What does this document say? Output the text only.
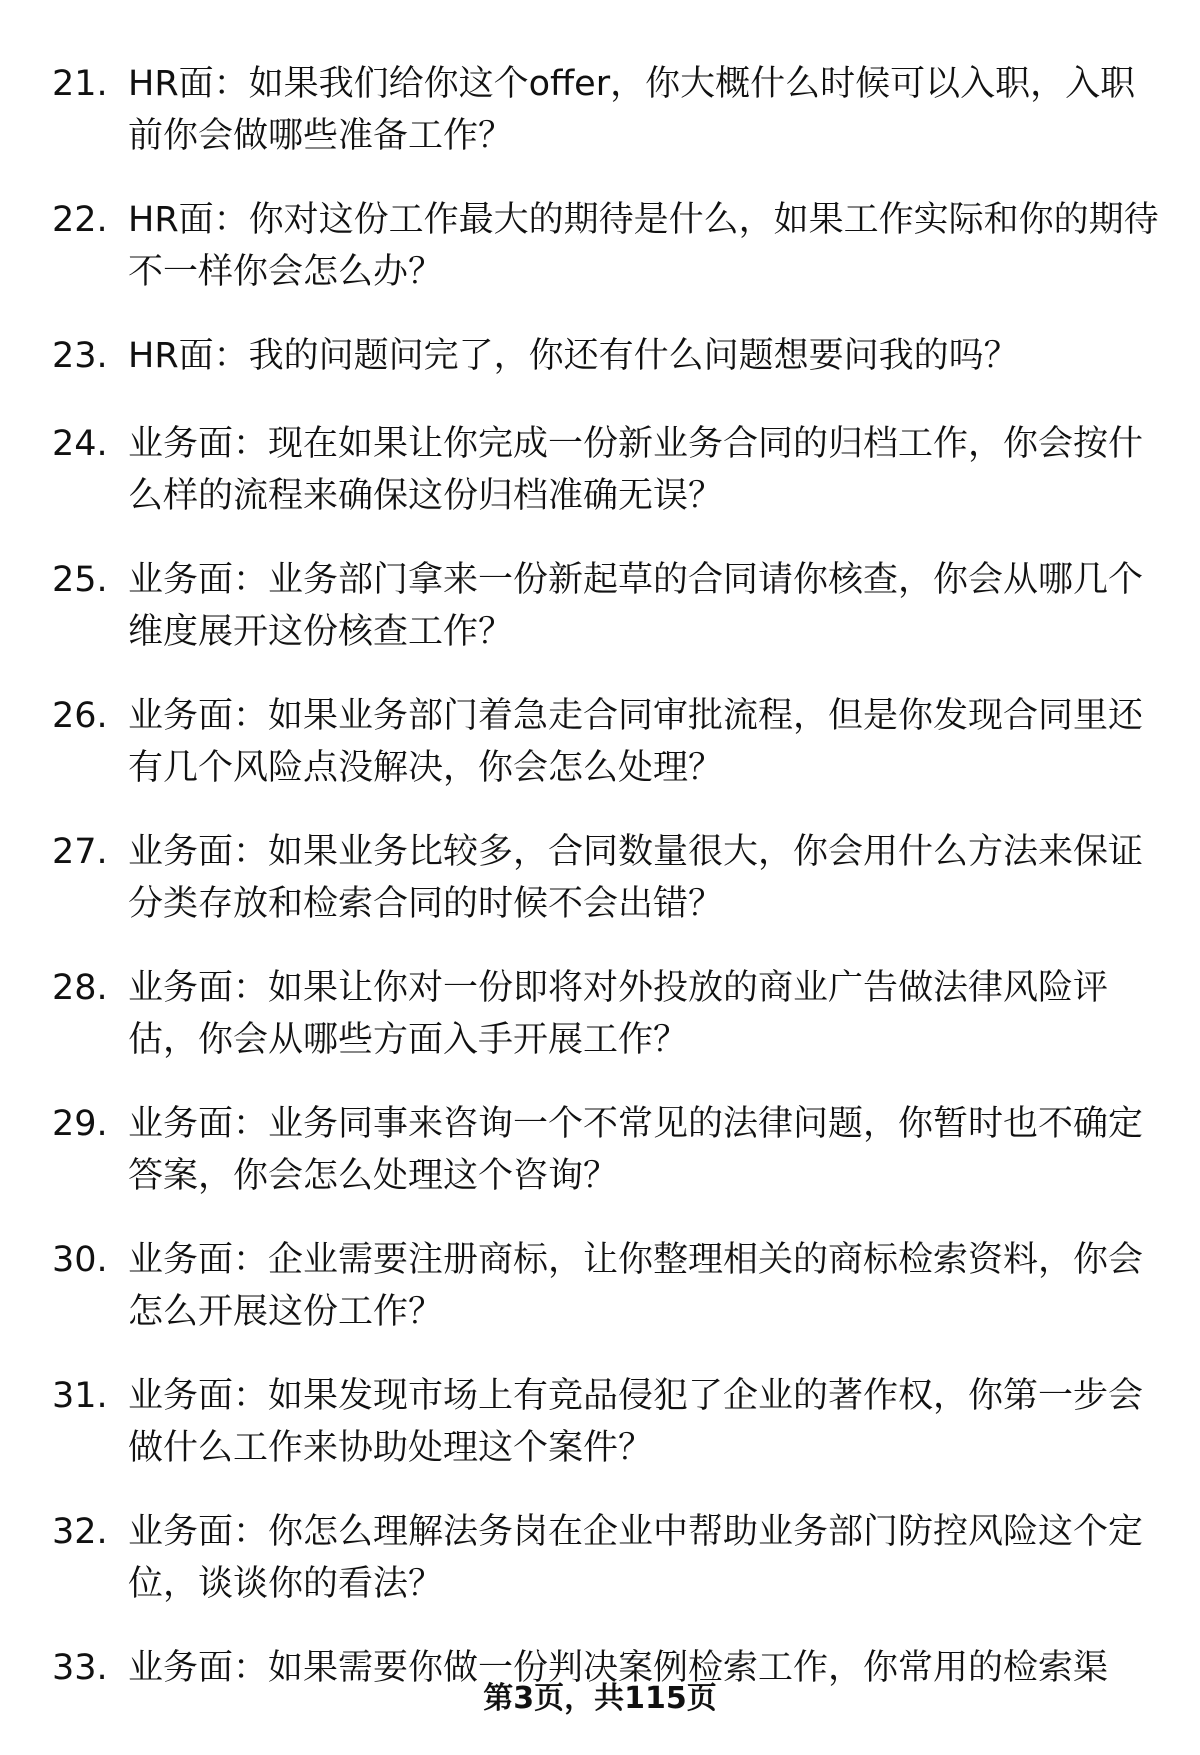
21. HR面：如果我们给你这个offer，你大概什么时候可以入职，入职前你会做哪些准备工作？
22. HR面：你对这份工作最大的期待是什么，如果工作实际和你的期待不一样你会怎么办？
23. HR面：我的问题问完了，你还有什么问题想要问我的吗？
24. 业务面：现在如果让你完成一份新业务合同的归档工作，你会按什么样的流程来确保这份归档准确无误？
25. 业务面：业务部门拿来一份新起草的合同请你核查，你会从哪几个维度展开这份核查工作？
26. 业务面：如果业务部门着急走合同审批流程，但是你发现合同里还有几个风险点没解决，你会怎么处理？
27. 业务面：如果业务比较多，合同数量很大，你会用什么方法来保证分类存放和检索合同的时候不会出错？
28. 业务面：如果让你对一份即将对外投放的商业广告做法律风险评估，你会从哪些方面入手开展工作？
29. 业务面：业务同事来咨询一个不常见的法律问题，你暂时也不确定答案，你会怎么处理这个咨询？
30. 业务面：企业需要注册商标，让你整理相关的商标检索资料，你会怎么开展这份工作？
31. 业务面：如果发现市场上有竞品侵犯了企业的著作权，你第一步会做什么工作来协助处理这个案件？
32. 业务面：你怎么理解法务岗在企业中帮助业务部门防控风险这个定位，谈谈你的看法？
33. 业务面：如果需要你做一份判决案例检索工作，你常用的检索渠
第3页，共115页
